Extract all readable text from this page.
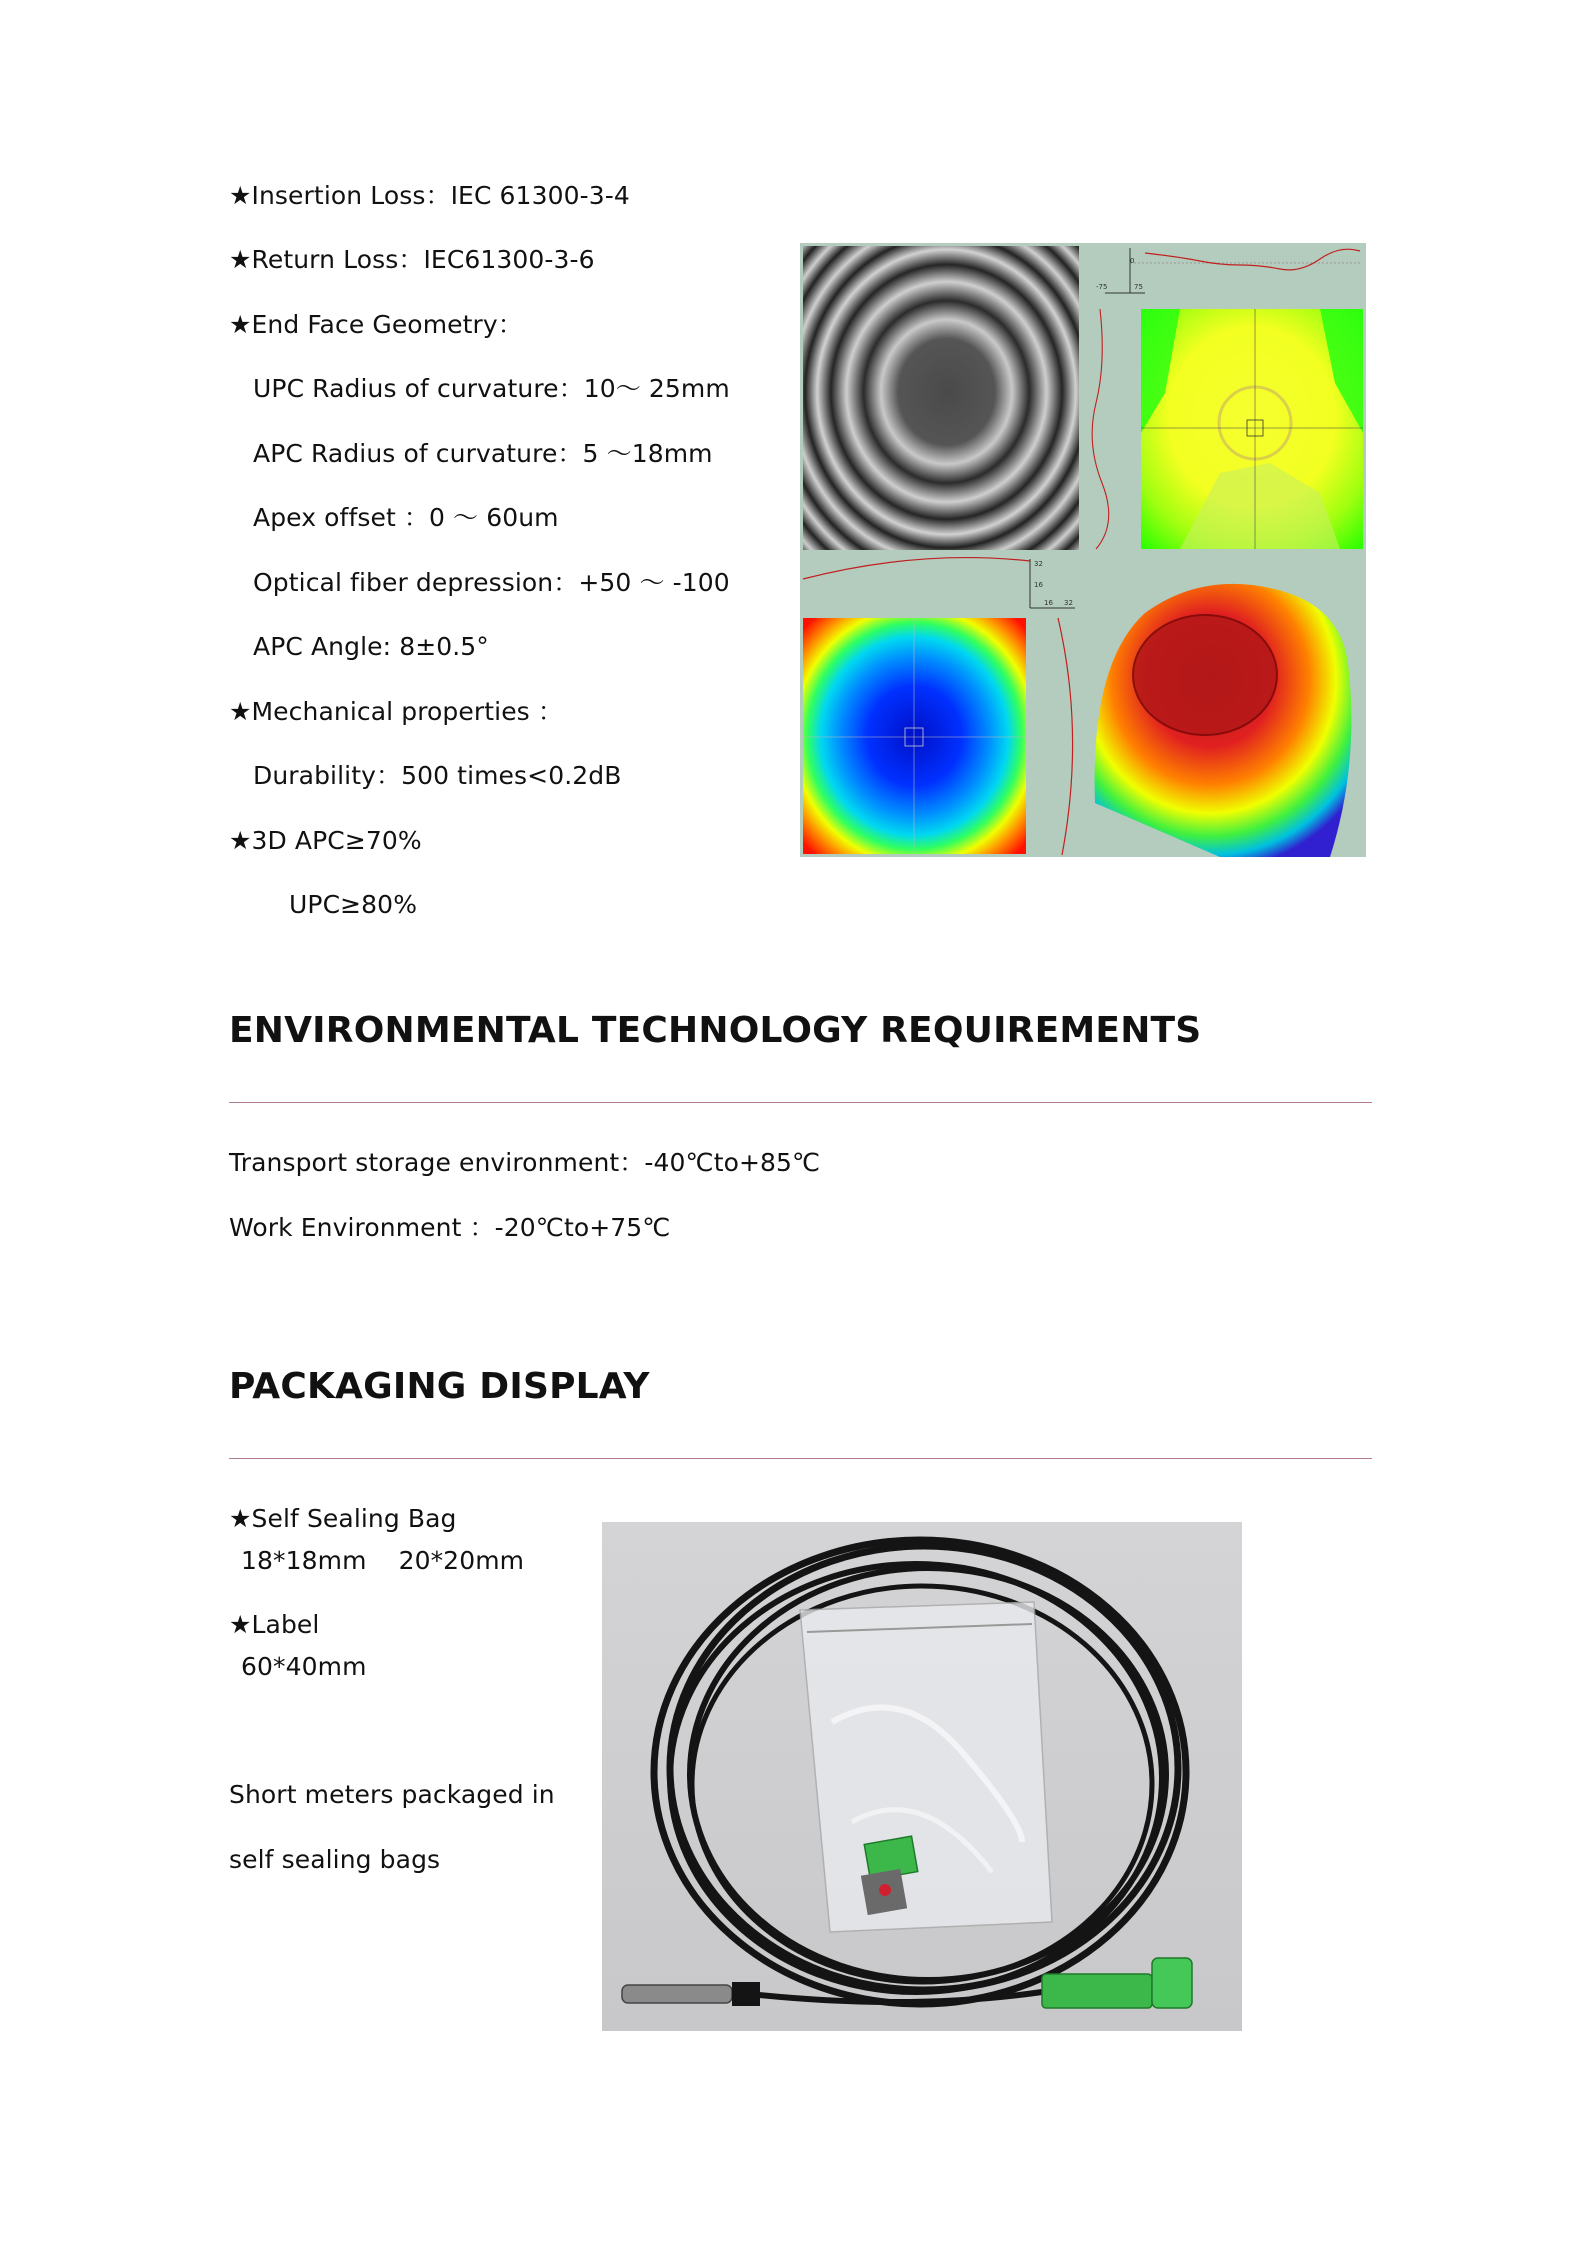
★Insertion Loss：IEC 61300-3-4
★Return Loss：IEC61300-3-6
★End Face Geometry：
UPC Radius of curvature：10～ 25mm
APC Radius of curvature：5 ～18mm
Apex offset ：0 ～ 60um
Optical fiber depression：+50 ～ -100
APC Angle: 8±0.5°
★Mechanical properties ：
Durability：500 times<0.2dB
★3D APC≥70%
UPC≥80%
0
-75	75
32
16
16 32
ENVIRONMENTAL TECHNOLOGY REQUIREMENTS
Transport storage environment：-40℃to+85℃
Work Environment ：-20℃to+75℃
PACKAGING DISPLAY
★Self Sealing Bag
18*18mm 20*20mm
★Label
60*40mm
Short meters packaged in
self sealing bags
